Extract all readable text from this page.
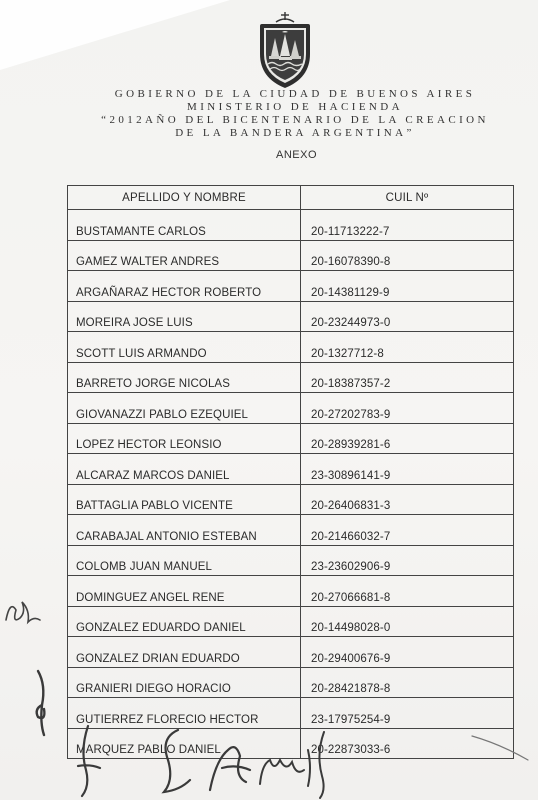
GOBIERNO DE LA CIUDAD DE BUENOS AIRES
MINISTERIO DE HACIENDA
“2012AÑO DEL BICENTENARIO DE LA CREACION
DE LA BANDERA ARGENTINA”
ANEXO
APELLIDO Y NOMBRE	CUIL Nº
BUSTAMANTE CARLOS	20-11713222-7
GAMEZ WALTER ANDRES	20-16078390-8
ARGAÑARAZ HECTOR ROBERTO	20-14381129-9
MOREIRA JOSE LUIS	20-23244973-0
SCOTT LUIS ARMANDO	20-1327712-8
BARRETO JORGE NICOLAS	20-18387357-2
GIOVANAZZI PABLO EZEQUIEL	20-27202783-9
LOPEZ HECTOR LEONSIO	20-28939281-6
ALCARAZ MARCOS DANIEL	23-30896141-9
BATTAGLIA PABLO VICENTE	20-26406831-3
CARABAJAL ANTONIO ESTEBAN	20-21466032-7
COLOMB JUAN MANUEL	23-23602906-9
DOMINGUEZ ANGEL RENE	20-27066681-8
GONZALEZ EDUARDO DANIEL	20-14498028-0
GONZALEZ DRIAN EDUARDO	20-29400676-9
GRANIERI DIEGO HORACIO	20-28421878-8
GUTIERREZ FLORECIO HECTOR	23-17975254-9
MARQUEZ PABLO DANIEL	20-22873033-6
